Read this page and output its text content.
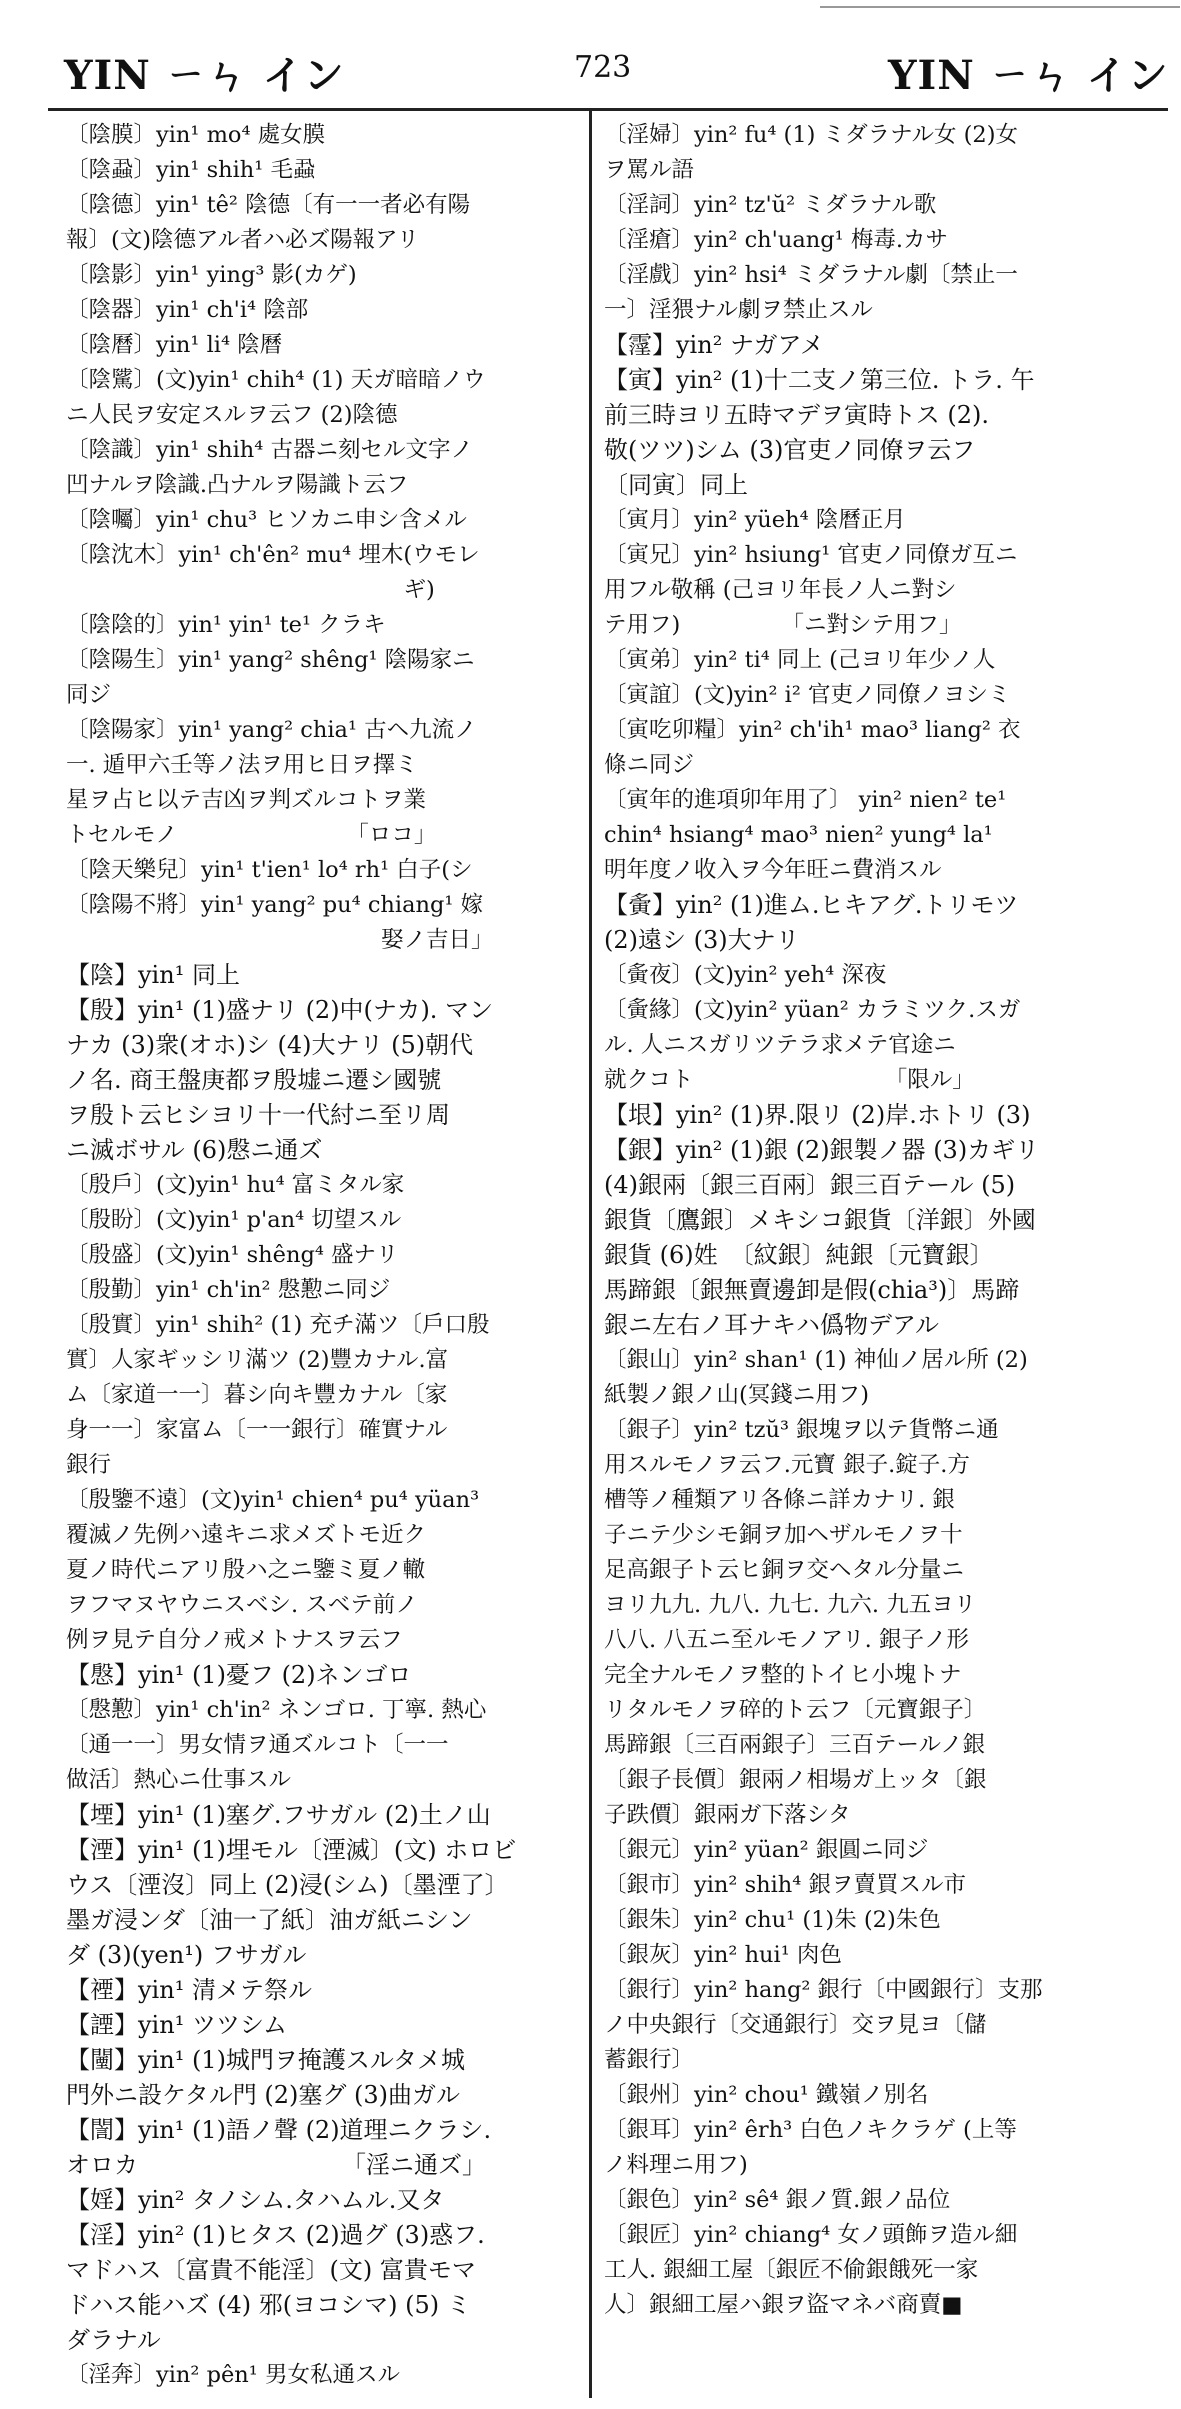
YIN ㄧㄣ イン	723	YIN ㄧㄣ イン
〔陰膜〕yin¹ mo⁴ 處女膜
〔陰蝨〕yin¹ shih¹ 毛蝨
〔陰德〕yin¹ tê² 陰德〔有一一者必有陽
報〕(文)陰德アル者ハ必ズ陽報アリ
〔陰影〕yin¹ ying³ 影(カゲ)
〔陰器〕yin¹ ch'i⁴ 陰部
〔陰曆〕yin¹ li⁴ 陰曆
〔陰騭〕(文)yin¹ chih⁴ (1) 天ガ暗暗ノウ
ニ人民ヲ安定スルヲ云フ (2)陰德
〔陰識〕yin¹ shih⁴ 古器ニ刻セル文字ノ
凹ナルヲ陰識.凸ナルヲ陽識ト云フ
〔陰囑〕yin¹ chu³ ヒソカニ申シ含メル
〔陰沈木〕yin¹ ch'ên² mu⁴ 埋木(ウモレ
　　　　　　　　　　　　　　　ギ)
〔陰陰的〕yin¹ yin¹ te¹ クラキ
〔陰陽生〕yin¹ yang² shêng¹ 陰陽家ニ
同ジ
〔陰陽家〕yin¹ yang² chia¹ 古ヘ九流ノ
一. 遁甲六壬等ノ法ヲ用ヒ日ヲ擇ミ
星ヲ占ヒ以テ吉凶ヲ判ズルコトヲ業
トセルモノ　　　　　　　　「ロコ」
〔陰天樂兒〕yin¹ t'ien¹ lo⁴ rh¹ 白子(シ
〔陰陽不將〕yin¹ yang² pu⁴ chiang¹ 嫁
　　　　　　　　　　　　　　娶ノ吉日」
【陰】yin¹ 同上
【殷】yin¹ (1)盛ナリ (2)中(ナカ). マン
ナカ (3)衆(オホ)シ (4)大ナリ (5)朝代
ノ名. 商王盤庚都ヲ殷墟ニ遷シ國號
ヲ殷ト云ヒシヨリ十一代紂ニ至リ周
ニ滅ボサル (6)慇ニ通ズ
〔殷戶〕(文)yin¹ hu⁴ 富ミタル家
〔殷盼〕(文)yin¹ p'an⁴ 切望スル
〔殷盛〕(文)yin¹ shêng⁴ 盛ナリ
〔殷勤〕yin¹ ch'in² 慇懃ニ同ジ
〔殷實〕yin¹ shih² (1) 充チ滿ツ〔戶口殷
實〕人家ギッシリ滿ツ (2)豐カナル.富
ム〔家道一一〕暮シ向キ豐カナル〔家
身一一〕家富ム〔一一銀行〕確實ナル
銀行
〔殷鑒不遠〕(文)yin¹ chien⁴ pu⁴ yüan³
覆滅ノ先例ハ遠キニ求メズトモ近ク
夏ノ時代ニアリ殷ハ之ニ鑒ミ夏ノ轍
ヲフマヌヤウニスベシ. スベテ前ノ
例ヲ見テ自分ノ戒メトナスヲ云フ
【慇】yin¹ (1)憂フ (2)ネンゴロ
〔慇懃〕yin¹ ch'in² ネンゴロ. 丁寧. 熱心
〔通一一〕男女情ヲ通ズルコト〔一一
做活〕熱心ニ仕事スル
【堙】yin¹ (1)塞グ.フサガル (2)土ノ山
【湮】yin¹ (1)埋モル〔湮滅〕(文) ホロビ
ウス〔湮沒〕同上 (2)浸(シム)〔墨湮了〕
墨ガ浸ンダ〔油一了紙〕油ガ紙ニシン
ダ (3)(yen¹) フサガル
【禋】yin¹ 清メテ祭ル
【諲】yin¹ ツツシム
【闉】yin¹ (1)城門ヲ掩護スルタメ城
門外ニ設ケタル門 (2)塞グ (3)曲ガル
【誾】yin¹ (1)語ノ聲 (2)道理ニクラシ.
オロカ　　　　　　　　　「淫ニ通ズ」
【婬】yin² タノシム.タハムル.又タ
【淫】yin² (1)ヒタス (2)過グ (3)惑フ.
マドハス〔富貴不能淫〕(文) 富貴モマ
ドハス能ハズ (4) 邪(ヨコシマ) (5) ミ
ダラナル
〔淫奔〕yin² pên¹ 男女私通スル
〔淫婦〕yin² fu⁴ (1) ミダラナル女 (2)女
ヲ罵ル語
〔淫詞〕yin² tz'ŭ² ミダラナル歌
〔淫瘡〕yin² ch'uang¹ 梅毒.カサ
〔淫戲〕yin² hsi⁴ ミダラナル劇〔禁止一
一〕淫猥ナル劇ヲ禁止スル
【霪】yin² ナガアメ
【寅】yin² (1)十二支ノ第三位. トラ. 午
前三時ヨリ五時マデヲ寅時トス (2).
敬(ツツ)シム (3)官吏ノ同僚ヲ云フ
〔同寅〕同上
〔寅月〕yin² yüeh⁴ 陰曆正月
〔寅兄〕yin² hsiung¹ 官吏ノ同僚ガ互ニ
用フル敬稱 (己ヨリ年長ノ人ニ對シ
テ用フ)　　　　　「ニ對シテ用フ」
〔寅弟〕yin² ti⁴ 同上 (己ヨリ年少ノ人
〔寅誼〕(文)yin² i² 官吏ノ同僚ノヨシミ
〔寅吃卯糧〕yin² ch'ih¹ mao³ liang² 衣
條ニ同ジ
〔寅年的進項卯年用了〕 yin² nien² te¹
chin⁴ hsiang⁴ mao³ nien² yung⁴ la¹
明年度ノ收入ヲ今年旺ニ費消スル
【夤】yin² (1)進ム.ヒキアグ.トリモツ
(2)遠シ (3)大ナリ
〔夤夜〕(文)yin² yeh⁴ 深夜
〔夤緣〕(文)yin² yüan² カラミツク.スガ
ル. 人ニスガリツテラ求メテ官途ニ
就クコト　　　　　　　　　「限ル」
【垠】yin² (1)界.限リ (2)岸.ホトリ (3)
【銀】yin² (1)銀 (2)銀製ノ器 (3)カギリ
(4)銀兩〔銀三百兩〕銀三百テール (5)
銀貨〔鷹銀〕メキシコ銀貨〔洋銀〕外國
銀貨 (6)姓　〔紋銀〕純銀〔元寶銀〕
馬蹄銀〔銀無賣邊卸是假(chia³)〕馬蹄
銀ニ左右ノ耳ナキハ僞物デアル
〔銀山〕yin² shan¹ (1) 神仙ノ居ル所 (2)
紙製ノ銀ノ山(冥錢ニ用フ)
〔銀子〕yin² tzŭ³ 銀塊ヲ以テ貨幣ニ通
用スルモノヲ云フ.元寶 銀子.錠子.方
槽等ノ種類アリ各條ニ詳カナリ. 銀
子ニテ少シモ銅ヲ加ヘザルモノヲ十
足高銀子ト云ヒ銅ヲ交ヘタル分量ニ
ヨリ九九. 九八. 九七. 九六. 九五ヨリ
八八. 八五ニ至ルモノアリ. 銀子ノ形
完全ナルモノヲ整的トイヒ小塊トナ
リタルモノヲ碎的ト云フ〔元寶銀子〕
馬蹄銀〔三百兩銀子〕三百テールノ銀
〔銀子長價〕銀兩ノ相場ガ上ッタ〔銀
子跌價〕銀兩ガ下落シタ
〔銀元〕yin² yüan² 銀圓ニ同ジ
〔銀市〕yin² shih⁴ 銀ヲ賣買スル市
〔銀朱〕yin² chu¹ (1)朱 (2)朱色
〔銀灰〕yin² hui¹ 肉色
〔銀行〕yin² hang² 銀行〔中國銀行〕支那
ノ中央銀行〔交通銀行〕交ヲ見ヨ〔儲
蓄銀行〕
〔銀州〕yin² chou¹ 鐵嶺ノ別名
〔銀耳〕yin² êrh³ 白色ノキクラゲ (上等
ノ料理ニ用フ)
〔銀色〕yin² sê⁴ 銀ノ質.銀ノ品位
〔銀匠〕yin² chiang⁴ 女ノ頭飾ヲ造ル細
工人. 銀細工屋〔銀匠不偷銀餓死一家
人〕銀細工屋ハ銀ヲ盜マネバ商賣■
